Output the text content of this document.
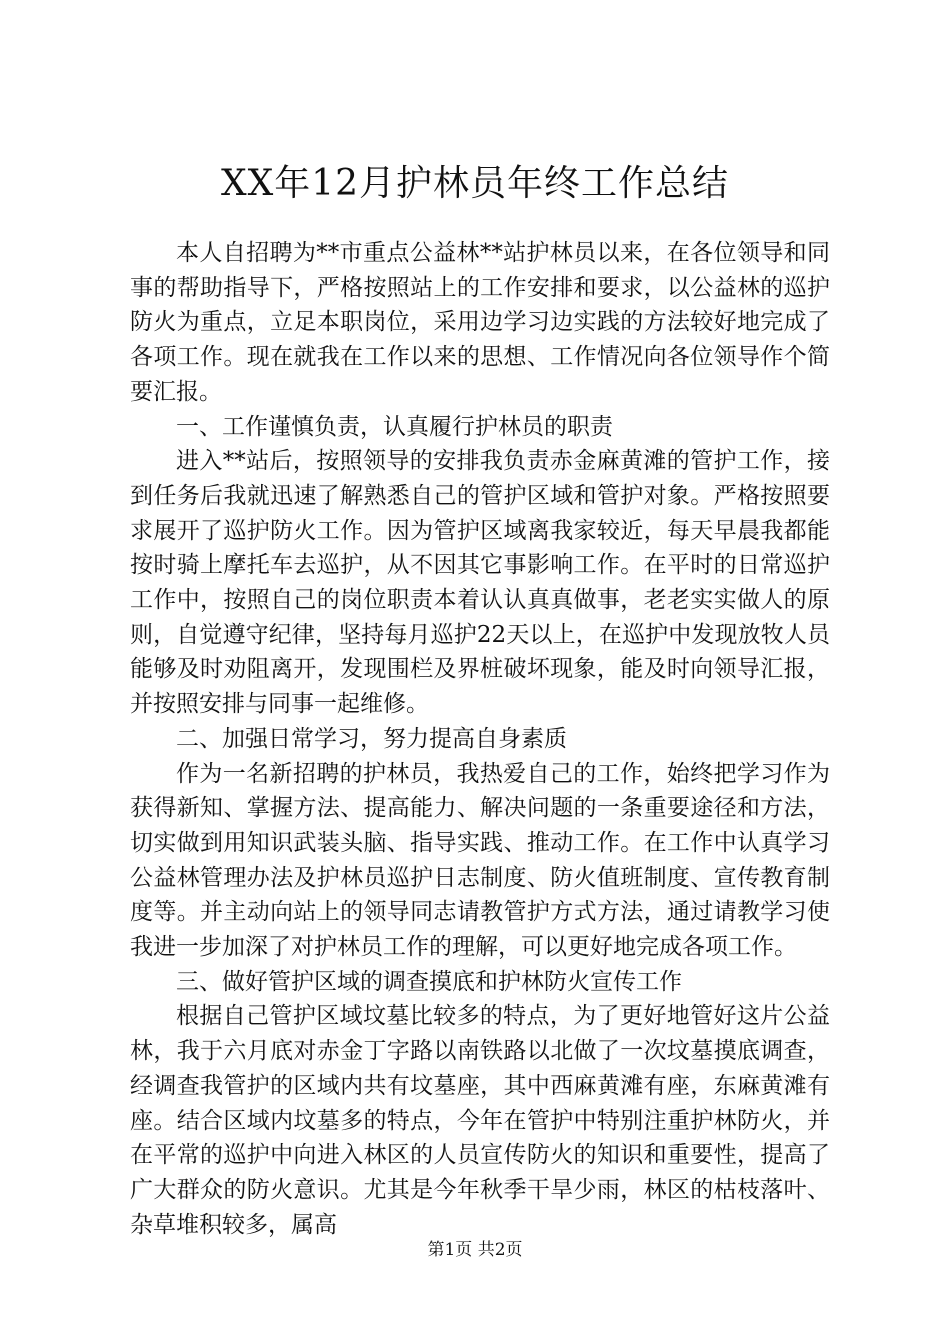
XX年12月护林员年终工作总结

本人自招聘为**市重点公益林**站护林员以来，在各位领导和同事的帮助指导下，严格按照站上的工作安排和要求，以公益林的巡护防火为重点，立足本职岗位，采用边学习边实践的方法较好地完成了各项工作。现在就我在工作以来的思想、工作情况向各位领导作个简要汇报。

一、工作谨慎负责，认真履行护林员的职责

进入**站后，按照领导的安排我负责赤金麻黄滩的管护工作，接到任务后我就迅速了解熟悉自己的管护区域和管护对象。严格按照要求展开了巡护防火工作。因为管护区域离我家较近，每天早晨我都能按时骑上摩托车去巡护，从不因其它事影响工作。在平时的日常巡护工作中，按照自己的岗位职责本着认认真真做事，老老实实做人的原则，自觉遵守纪律，坚持每月巡护22天以上，在巡护中发现放牧人员能够及时劝阻离开，发现围栏及界桩破坏现象，能及时向领导汇报，并按照安排与同事一起维修。

二、加强日常学习，努力提高自身素质

作为一名新招聘的护林员，我热爱自己的工作，始终把学习作为获得新知、掌握方法、提高能力、解决问题的一条重要途径和方法，切实做到用知识武装头脑、指导实践、推动工作。在工作中认真学习公益林管理办法及护林员巡护日志制度、防火值班制度、宣传教育制度等。并主动向站上的领导同志请教管护方式方法，通过请教学习使我进一步加深了对护林员工作的理解，可以更好地完成各项工作。

三、做好管护区域的调查摸底和护林防火宣传工作

根据自己管护区域坟墓比较多的特点，为了更好地管好这片公益林，我于六月底对赤金丁字路以南铁路以北做了一次坟墓摸底调查，经调查我管护的区域内共有坟墓座，其中西麻黄滩有座，东麻黄滩有座。结合区域内坟墓多的特点，今年在管护中特别注重护林防火，并在平常的巡护中向进入林区的人员宣传防火的知识和重要性，提高了广大群众的防火意识。尤其是今年秋季干旱少雨，林区的枯枝落叶、杂草堆积较多，属高

第1页 共2页
